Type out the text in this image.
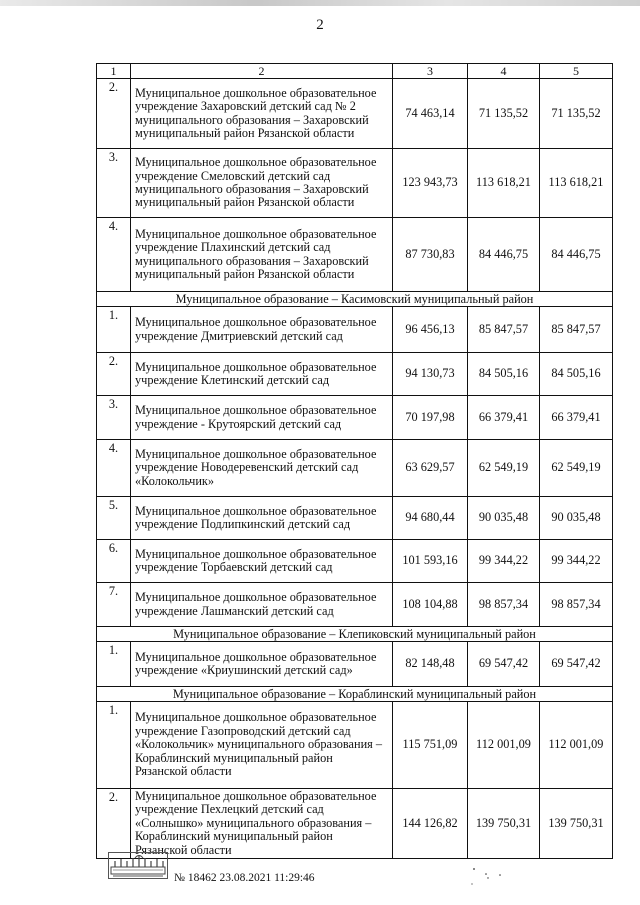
2
1	2	3	4	5
2.	Муниципальное дошкольное образовательное учреждение Захаровский детский сад № 2 муниципального образования – Захаровский муниципальный район Рязанской области	74 463,14	71 135,52	71 135,52
3.	Муниципальное дошкольное образовательное учреждение Смеловский детский сад муниципального образования – Захаровский муниципальный район Рязанской области	123 943,73	113 618,21	113 618,21
4.	Муниципальное дошкольное образовательное учреждение Плахинский детский сад муниципального образования – Захаровский муниципальный район Рязанской области	87 730,83	84 446,75	84 446,75
Муниципальное образование – Касимовский муниципальный район				
1.	Муниципальное дошкольное образовательное учреждение Дмитриевский детский сад	96 456,13	85 847,57	85 847,57
2.	Муниципальное дошкольное образовательное учреждение Клетинский детский сад	94 130,73	84 505,16	84 505,16
3.	Муниципальное дошкольное образовательное учреждение - Крутоярский детский сад	70 197,98	66 379,41	66 379,41
4.	Муниципальное дошкольное образовательное учреждение Новодеревенский детский сад «Колокольчик»	63 629,57	62 549,19	62 549,19
5.	Муниципальное дошкольное образовательное учреждение Подлипкинский детский сад	94 680,44	90 035,48	90 035,48
6.	Муниципальное дошкольное образовательное учреждение Торбаевский детский сад	101 593,16	99 344,22	99 344,22
7.	Муниципальное дошкольное образовательное учреждение Лашманский детский сад	108 104,88	98 857,34	98 857,34
Муниципальное образование – Клепиковский муниципальный район				
1.	Муниципальное дошкольное образовательное учреждение «Криушинский детский сад»	82 148,48	69 547,42	69 547,42
Муниципальное образование – Кораблинский муниципальный район				
1.	Муниципальное дошкольное образовательное учреждение Газопроводский детский сад «Колокольчик» муниципального образования – Кораблинский муниципальный район Рязанской области	115 751,09	112 001,09	112 001,09
2.	Муниципальное дошкольное образовательное учреждение Пехлецкий детский сад «Солнышко» муниципального образования – Кораблинский муниципальный район Рязанской области	144 126,82	139 750,31	139 750,31
№ 18462 23.08.2021 11:29:46
